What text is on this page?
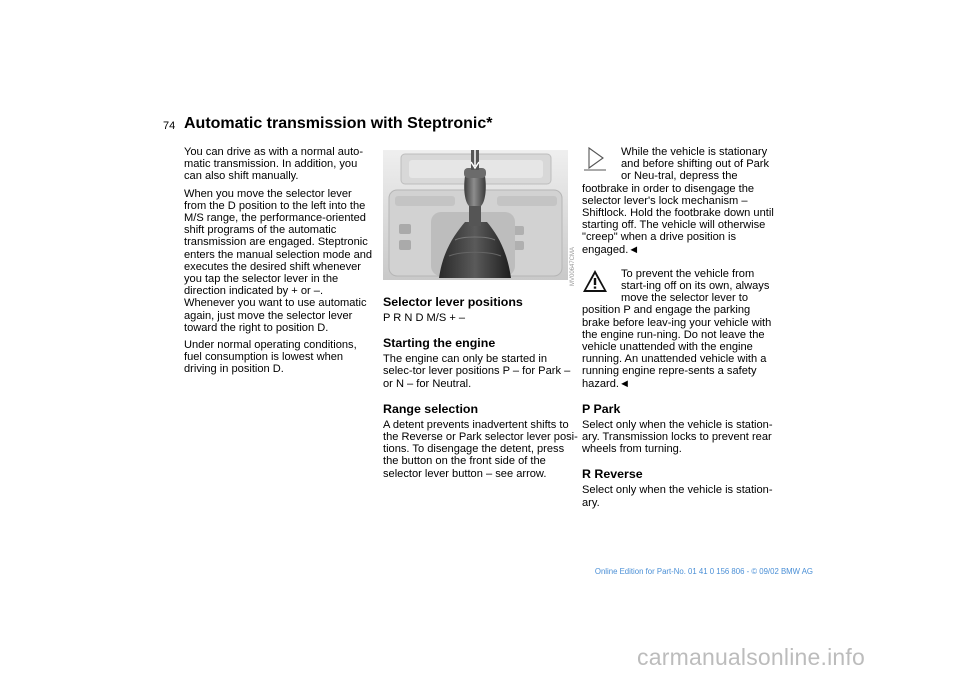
74 Automatic transmission with Steptronic*

You can drive as with a normal auto-matic transmission. In addition, you can also shift manually.

When you move the selector lever from the D position to the left into the M/S range, the performance-oriented shift programs of the automatic transmission are engaged. Steptronic enters the manual selection mode and executes the desired shift whenever you tap the selector lever in the direction indicated by + or –. Whenever you want to use automatic again, just move the selector lever toward the right to position D.

Under normal operating conditions, fuel consumption is lowest when driving in position D.

MV00647CMA
Selector lever positions

P R N D M/S + –

Starting the engine

The engine can only be started in selec-tor lever positions P – for Park – or N – for Neutral.

Range selection

A detent prevents inadvertent shifts to the Reverse or Park selector lever posi-tions. To disengage the detent, press the button on the front side of the selector lever button – see arrow.

While the vehicle is stationary and before shifting out of Park or Neu-tral, depress the footbrake in order to disengage the selector lever's lock mechanism – Shiftlock. Hold the footbrake down until starting off. The vehicle will otherwise "creep" when a drive position is engaged.◄

To prevent the vehicle from start-ing off on its own, always move the selector lever to position P and engage the parking brake before leav-ing your vehicle with the engine run-ning. Do not leave the vehicle unattended with the engine running. An unattended vehicle with a running engine repre-sents a safety hazard.◄

P Park

Select only when the vehicle is station-ary. Transmission locks to prevent rear wheels from turning.

R Reverse

Select only when the vehicle is station-ary.

Online Edition for Part-No. 01 41 0 156 806 - © 09/02 BMW AG
carmanualsonline.info
